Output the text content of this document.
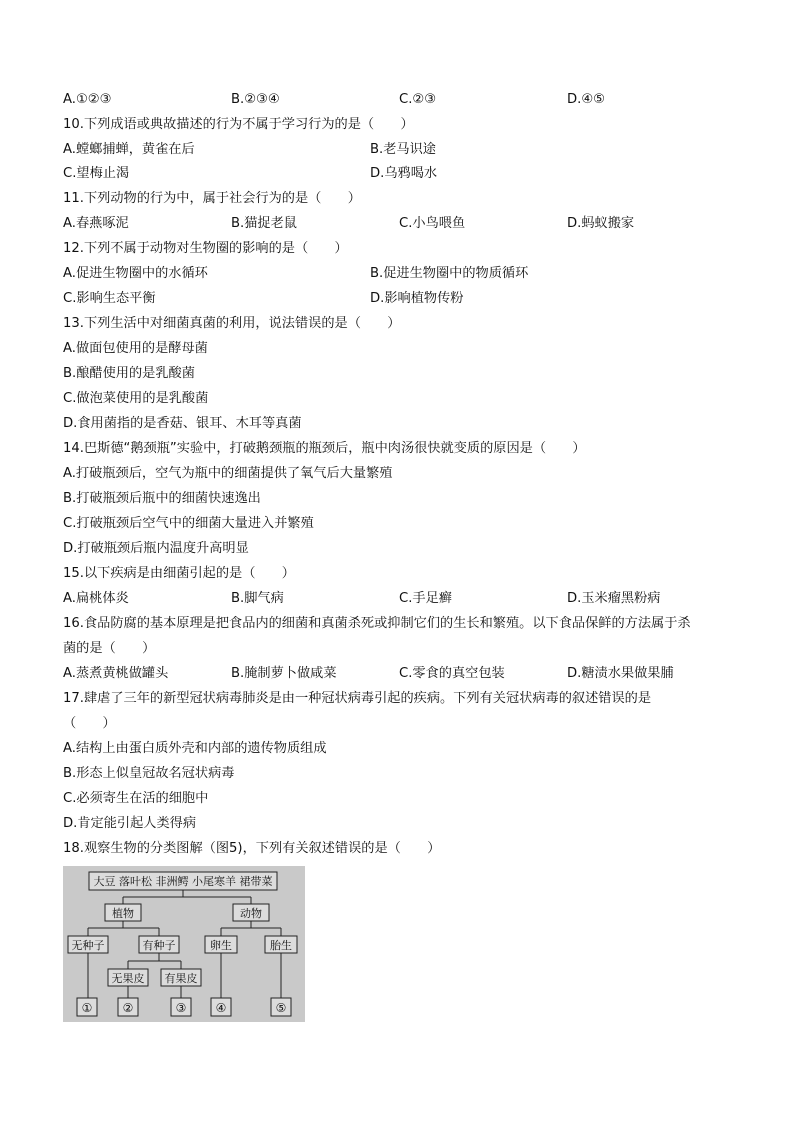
A.①②③	B.②③④	C.②③	D.④⑤
10.下列成语或典故描述的行为不属于学习行为的是（　　）
A.螳螂捕蝉，黄雀在后	B.老马识途
C.望梅止渴	D.乌鸦喝水
11.下列动物的行为中，属于社会行为的是（　　）
A.春燕啄泥	B.猫捉老鼠	C.小鸟喂鱼	D.蚂蚁搬家
12.下列不属于动物对生物圈的影响的是（　　）
A.促进生物圈中的水循环	B.促进生物圈中的物质循环
C.影响生态平衡	D.影响植物传粉
13.下列生活中对细菌真菌的利用，说法错误的是（　　）
A.做面包使用的是酵母菌
B.酿醋使用的是乳酸菌
C.做泡菜使用的是乳酸菌
D.食用菌指的是香菇、银耳、木耳等真菌
14.巴斯德“鹅颈瓶”实验中，打破鹅颈瓶的瓶颈后，瓶中肉汤很快就变质的原因是（　　）
A.打破瓶颈后，空气为瓶中的细菌提供了氧气后大量繁殖
B.打破瓶颈后瓶中的细菌快速逸出
C.打破瓶颈后空气中的细菌大量进入并繁殖
D.打破瓶颈后瓶内温度升高明显
15.以下疾病是由细菌引起的是（　　）
A.扁桃体炎	B.脚气病	C.手足癣	D.玉米瘤黑粉病
16.食品防腐的基本原理是把食品内的细菌和真菌杀死或抑制它们的生长和繁殖。以下食品保鲜的方法属于杀
菌的是（　　）
A.蒸煮黄桃做罐头	B.腌制萝卜做咸菜	C.零食的真空包装	D.糖渍水果做果脯
17.肆虐了三年的新型冠状病毒肺炎是由一种冠状病毒引起的疾病。下列有关冠状病毒的叙述错误的是
（　　）
A.结构上由蛋白质外壳和内部的遗传物质组成
B.形态上似皇冠故名冠状病毒
C.必须寄生在活的细胞中
D.肯定能引起人类得病
18.观察生物的分类图解（图5)，下列有关叙述错误的是（　　）
大豆 落叶松 非洲鳄 小尾寒羊 裙带菜
植物	动物
无种子	有种子	卵生	胎生
无果皮 有果皮
①	②	③ ④	⑤
